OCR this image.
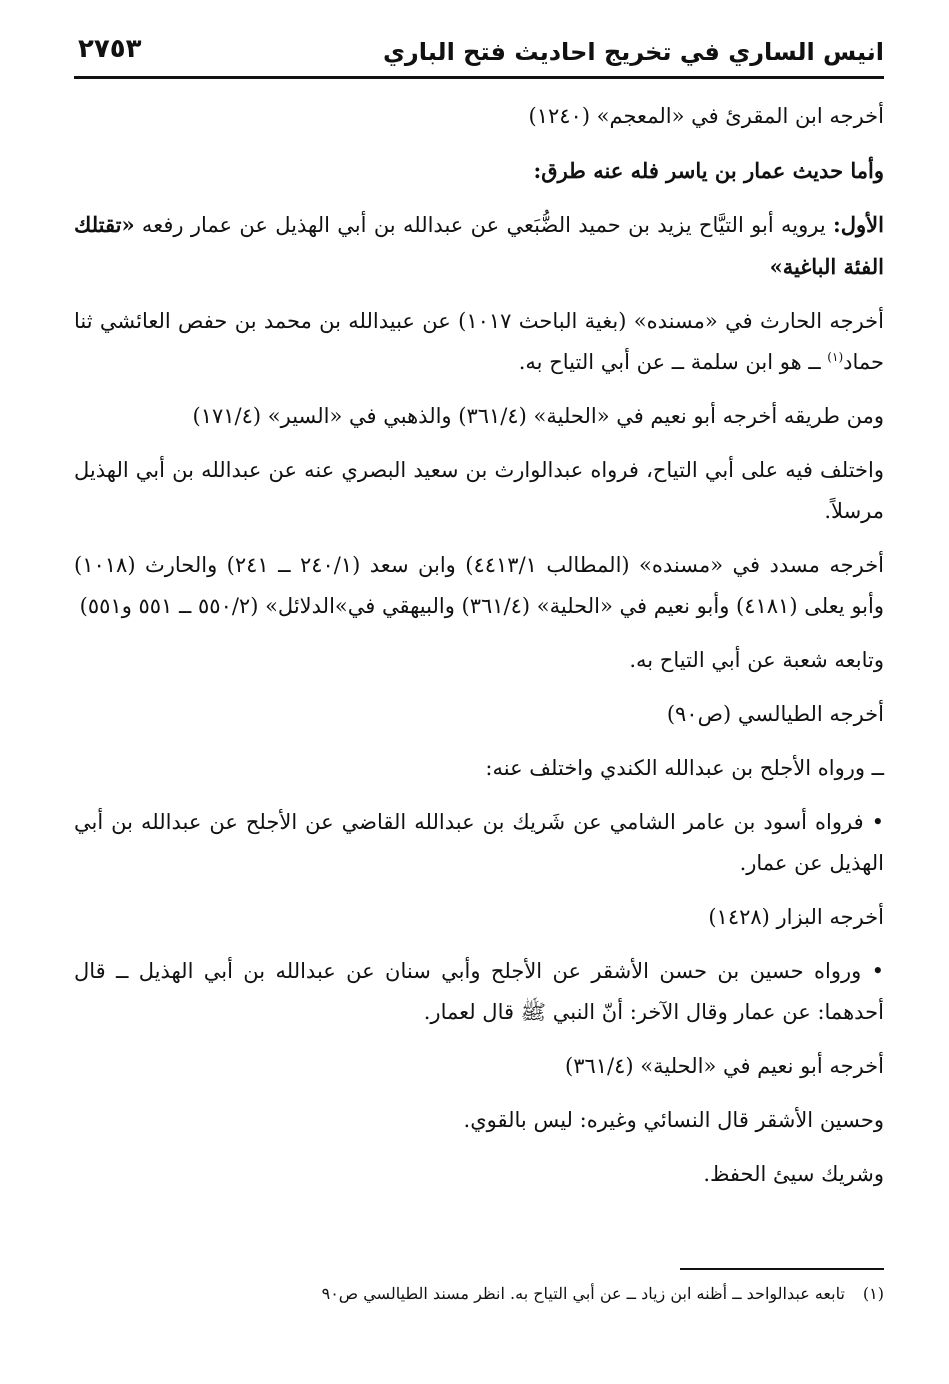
انيس الساري في تخريج احاديث فتح الباري
٢٧٥٣

أخرجه ابن المقرئ في «المعجم» (١٢٤٠)

وأما حديث عمار بن ياسر فله عنه طرق:

الأول: يرويه أبو التيَّاح يزيد بن حميد الضُّبَعي عن عبدالله بن أبي الهذيل عن عمار رفعه «تقتلك الفئة الباغية»

أخرجه الحارث في «مسنده» (بغية الباحث ١٠١٧) عن عبيدالله بن محمد بن حفص العائشي ثنا حماد$^{(١)}$ ــ هو ابن سلمة ــ عن أبي التياح به.

ومن طريقه أخرجه أبو نعيم في «الحلية» (٣٦١/٤) والذهبي في «السير» (١٧١/٤)

واختلف فيه على أبي التياح، فرواه عبدالوارث بن سعيد البصري عنه عن عبدالله بن أبي الهذيل مرسلاً.

أخرجه مسدد في «مسنده» (المطالب ٤٤١٣/١) وابن سعد (٢٤٠/١ ــ ٢٤١) والحارث (١٠١٨) وأبو يعلى (٤١٨١) وأبو نعيم في «الحلية» (٣٦١/٤) والبيهقي في»الدلائل» (٥٥٠/٢ ــ ٥٥١ و٥٥١)

وتابعه شعبة عن أبي التياح به.

أخرجه الطيالسي (ص٩٠)

ــ ورواه الأجلح بن عبدالله الكندي واختلف عنه:

• فرواه أسود بن عامر الشامي عن شَريك بن عبدالله القاضي عن الأجلح عن عبدالله بن أبي الهذيل عن عمار.

أخرجه البزار (١٤٢٨)

• ورواه حسين بن حسن الأشقر عن الأجلح وأبي سنان عن عبدالله بن أبي الهذيل ــ قال أحدهما: عن عمار وقال الآخر: أنّ النبي ﷺ قال لعمار.

أخرجه أبو نعيم في «الحلية» (٣٦١/٤)

وحسين الأشقر قال النسائي وغيره: ليس بالقوي.

وشريك سيئ الحفظ.

(١)تابعه عبدالواحد ــ أظنه ابن زياد ــ عن أبي التياح به. انظر مسند الطيالسي ص٩٠
